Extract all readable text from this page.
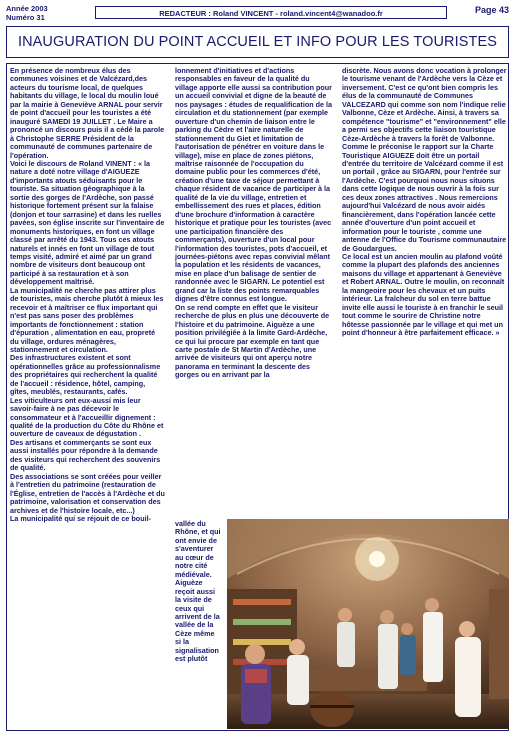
Année 2003
Numéro 31	REDACTEUR : Roland VINCENT - roland.vincent4@wanadoo.fr	Page 43
INAUGURATION DU POINT ACCUEIL ET INFO POUR LES TOURISTES

En présence de nombreux élus des communes voisines et de Valcézard,des acteurs du tourisme local, de quelques habitants du village, le local du moulin loué par la mairie à Geneviève ARNAL pour servir de point d'accueil pour les touristes a été inauguré SAMEDI 19 JUILLET . Le Maire a prononcé un discours puis il a cédé la parole à Christophe SERRE Président de la communauté de communes partenaire de l'opération.

Voici le discours de Roland VINENT : « la nature a doté notre village d'AIGUEZE d'importants atouts séduisants pour le touriste. Sa situation géographique à la sortie des gorges de l'Ardèche, son passé historique fortement présent sur la falaise (donjon et tour sarrasine) et dans les ruelles pavées, son église inscrite sur l'inventaire de monuments historiques, en font un village classé par arrêté du 1943. Tous ces atouts naturels et innés en font un village de tout temps visité, admiré et aimé par un grand nombre de visiteurs dont beaucoup ont participé à sa restauration et à son développement maîtrisé.

La municipalité ne cherche pas attirer plus de touristes, mais cherche plutôt à mieux les recevoir et à maîtriser ce flux important qui n'est pas sans poser des problèmes importants de fonctionnement : station d'épuration , alimentation en eau, propreté du village, ordures ménagères, stationnement et circulation.

Des infrastructures existent et sont opérationnelles grâce au professionnalisme des propriétaires qui recherchent la qualité de l'accueil : résidence, hôtel, camping, gîtes, meublés, restaurants, cafés.

Les viticulteurs ont eux-aussi mis leur savoir-faire à ne pas décevoir le consommateur et à l'accueillir dignement : qualité de la production du Côte du Rhône et ouverture de caveaux de dégustation .

Des artisans et commerçants se sont eux aussi installés pour répondre à la demande des visiteurs qui recherchent des souvenirs de qualité.

Des associations se sont créées pour veiller à l'entretien du patrimoine (restauration de l'Église, entretien de l'accès à l'Ardèche et du patrimoine, valorisation et conservation des archives et de l'histoire locale, etc...)

La municipalité qui se réjouit de ce bouil-

lonnement d'initiatives et d'actions responsables en faveur de la qualité du village apporte elle aussi sa contribution pour un accueil convivial et digne de la beauté de nos paysages : études de requalification de la circulation et du stationnement (par exemple ouverture d'un chemin de liaison entre le parking du Cèdre et l'aire naturelle de stationnement du Giet et limitation de l'autorisation de pénétrer en voiture dans le village), mise en place de zones piétons, maîtrise raisonnée de l'occupation du domaine public pour les commerces d'été, création d'une taxe de séjour permettant à chaque résident de vacance de participer à la qualité de la vie du village, entretien et embellissement des rues et places, édition d'une brochure d'information à caractère historique et pratique pour les touristes (avec une participation financière des commerçants), ouverture d'un local pour l'information des touristes, pots d'accueil, et journées-piétons avec repas convivial mêlant la population et les résidents de vacances, mise en place d'un balisage de sentier de randonnée avec le SIGARN. Le potentiel est grand car la liste des points remarquables dignes d'être connus est longue.

On se rend compte en effet que le visiteur recherche de plus en plus une découverte de l'histoire et du patrimoine. Aiguèze a une position privilégiée à la limite Gard-Ardèche, ce qui lui procure par exemple en tant que carte postale de St Martin d'Ardèche, une arrivée de visiteurs qui ont aperçu notre panorama en terminant la descente des gorges ou en arrivant par la

vallée du Rhône, et qui ont envie de s'aventurer au cœur de notre cité médiévale. Aiguèze reçoit aussi la visite de ceux qui arrivent de la vallée de la Cèze même si la signalisation est plutôt

discrète. Nous avons donc vocation à prolonger le tourisme venant de l'Ardèche vers la Cèze et inversement. C'est ce qu'ont bien compris les élus de la communauté de Communes VALCEZARD qui comme son nom l'indique relie Valbonne, Cèze et Ardèche. Ainsi, à travers sa compétence "tourisme" et "environnement" elle a permi ses objectifs cette liaison touristique Cèze-Ardèche à travers la forêt de Valbonne.

Comme le préconise le rapport sur la Charte Touristique AIGUEZE doit être un portail d'entrée du territoire de Valcézard comme il est un portail , grâce au SIGARN, pour l'entrée sur l'Ardèche. C'est pourquoi nous nous situons dans cette logique de nous ouvrir à la fois sur ces deux zones attractives . Nous remercions aujourd'hui Valcézard de nous avoir aidés financièrement, dans l'opération lancée cette année d'ouverture d'un point accueil et information pour le touriste , comme une antenne de l'Office du Tourisme communautaire de Goudargues.

Ce local est un ancien moulin au plafond voûté comme la plupart des plafonds des anciennes maisons du village et appartenant à Geneviève et Robert ARNAL. Outre le moulin, on reconnaît la mangeoire pour les chevaux et un puits intérieur. La fraîcheur du sol en terre battue invite elle aussi le touriste à en franchir le seuil tout comme le sourire de Christine notre hôtesse passionnée par le village et qui met un point d'honneur à être parfaitement efficace. »
